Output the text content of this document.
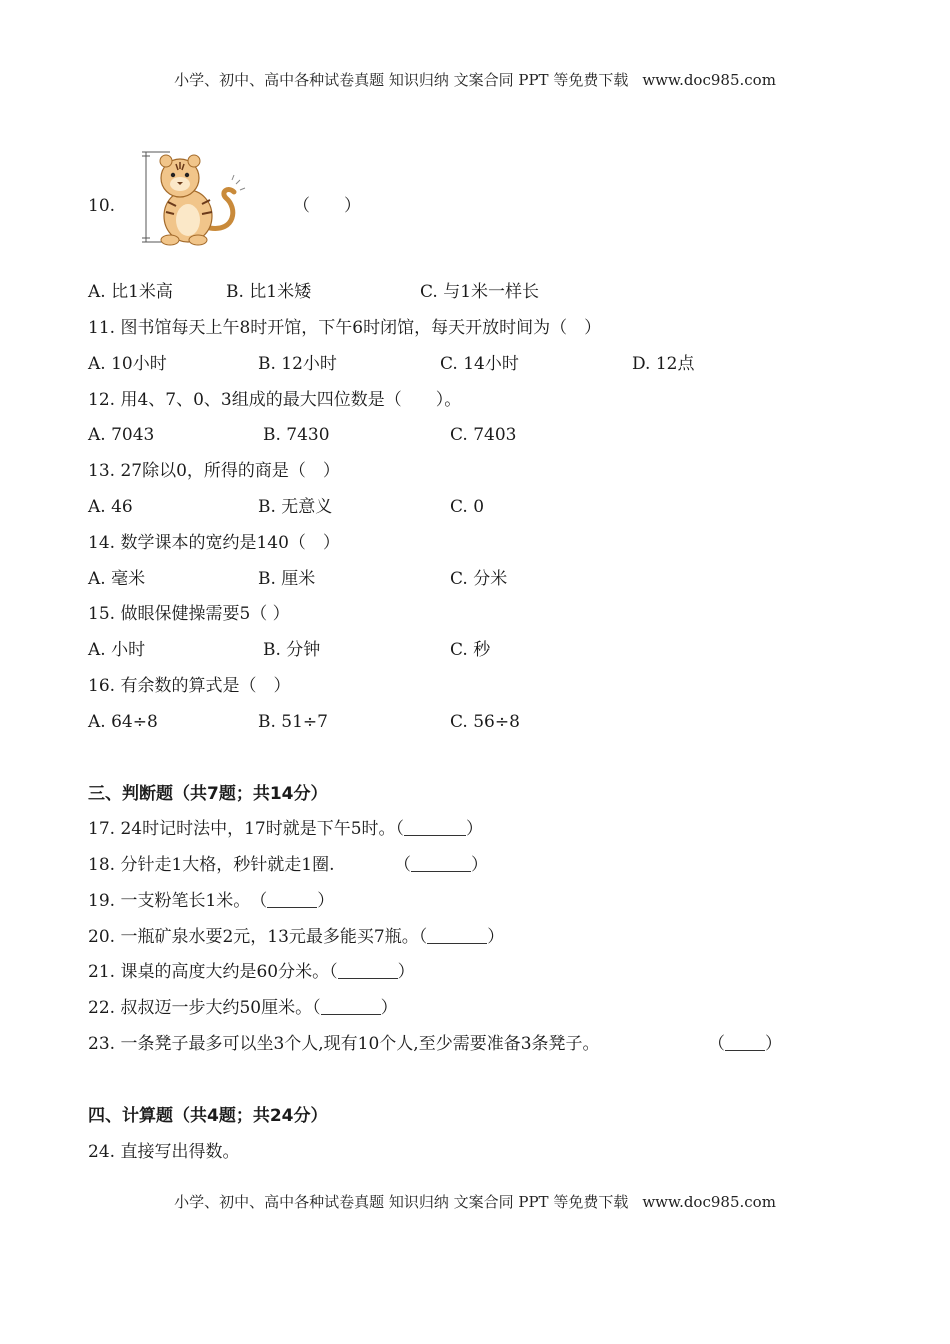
小学、初中、高中各种试卷真题 知识归纳 文案合同 PPT 等免费下载 www.doc985.com
10.	（　　）
A. 比1米高	B. 比1米矮	C. 与1米一样长
11. 图书馆每天上午8时开馆，下午6时闭馆，每天开放时间为（　）
A. 10小时	B. 12小时	C. 14小时	D. 12点
12. 用4、7、0、3组成的最大四位数是（　　）。
A. 7043	B. 7430	C. 7403
13. 27除以0，所得的商是（　）
A. 46	B. 无意义	C. 0
14. 数学课本的宽约是140（　）
A. 毫米	B. 厘米	C. 分米
15. 做眼保健操需要5（ ）
A. 小时	B. 分钟	C. 秒
16. 有余数的算式是（　）
A. 64÷8	B. 51÷7	C. 56÷8
三、判断题（共7题；共14分）
17. 24时记时法中，17时就是下午5时。（	）
18. 分针走1大格，秒针就走1圈.　　　　（	）
19. 一支粉笔长1米。　（	）
20. 一瓶矿泉水要2元，13元最多能买7瓶。（	）
21. 课桌的高度大约是60分米。（	）
22. 叔叔迈一步大约50厘米。（	）
23. 一条凳子最多可以坐3个人,现有10个人,至少需要准备3条凳子。	（ ）
四、计算题（共4题；共24分）
24. 直接写出得数。
小学、初中、高中各种试卷真题 知识归纳 文案合同 PPT 等免费下载 www.doc985.com
